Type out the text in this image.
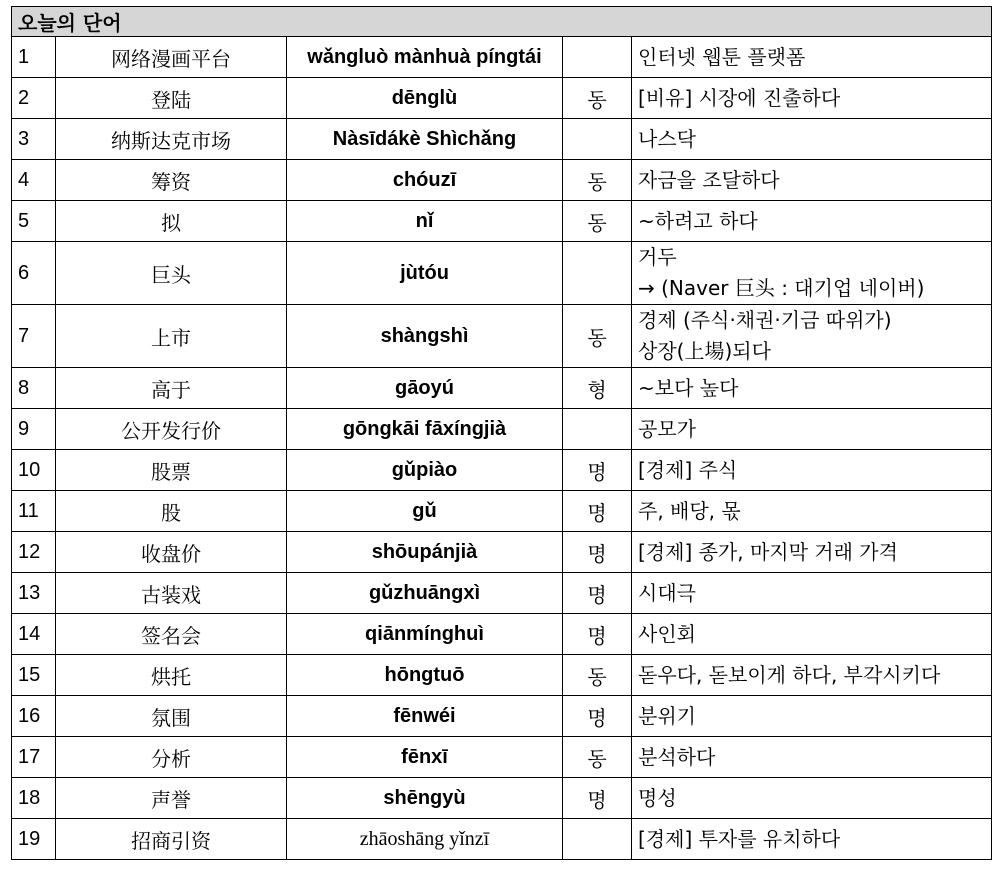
오늘의 단어				
1	网络漫画平台	wǎngluò mànhuà píngtái		인터넷 웹툰 플랫폼

2	登陆	dēnglù	동	[비유] 시장에 진출하다

3	纳斯达克市场	Nàsīdákè Shìchǎng		나스닥

4	筹资	chóuzī	동	자금을 조달하다

5	拟	nǐ	동	~하려고 하다

6	巨头	jùtóu		거두
→ (Naver 巨头 : 대기업 네이버)

7	上市	shàngshì	동	경제 (주식·채권·기금 따위가)
상장(上場)되다

8	高于	gāoyú	형	~보다 높다

9	公开发行价	gōngkāi fāxíngjià		공모가

10	股票	gǔpiào	명	[경제] 주식

11	股	gǔ	명	주, 배당, 몫

12	收盘价	shōupánjià	명	[경제] 종가, 마지막 거래 가격

13	古装戏	gǔzhuāngxì	명	시대극

14	签名会	qiānmínghuì	명	사인회

15	烘托	hōngtuō	동	돋우다, 돋보이게 하다, 부각시키다

16	氛围	fēnwéi	명	분위기

17	分析	fēnxī	동	분석하다

18	声誉	shēngyù	명	명성

19	招商引资	zhāoshāng yǐnzī		[경제] 투자를 유치하다
